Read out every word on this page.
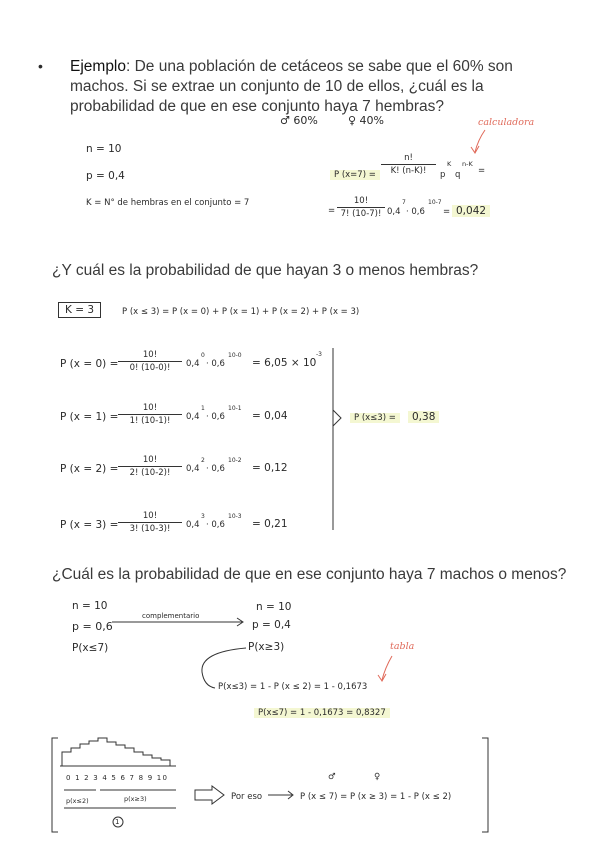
• Ejemplo: De una población de cetáceos se sabe que el 60% son machos. Si se extrae un conjunto de 10 de ellos, ¿cuál es la probabilidad de que en ese conjunto haya 7 hembras?
♂ 60%	♀ 40%	calculadora
n = 10
p = 0,4
K = N° de hembras en el conjunto = 7
P $(x=7) = \frac{n!}{K! (n-K)!}$ p
K
q
n-K
=
= $\frac{10!}{7! (10-7)!} 0,4$
7
· 0,6
10-7
= 0,042
¿Y cuál es la probabilidad de que hayan 3 o menos hembras?
K = 3	P (x ≤ 3) = P (x = 0) + P (x = 1) + P (x = 2) + P (x = 3)
P $(x = 0) = \frac{10!}{0! (10-0)!} 0,4$
0
· 0,6
10-0
= 6,05 × 10
-3
P $(x = 1) = \frac{10!}{1! (10-1)!} 0,4$
1
· 0,6
10-1
= 0,04
P $(x = 2) = \frac{10!}{2! (10-2)!} 0,4$
2
· 0,6
10-2
= 0,12
P $(x = 3) = \frac{10!}{3! (10-3)!} 0,4$
3
· 0,6
10-3
= 0,21
P (x≤3) =	0,38
¿Cuál es la probabilidad de que en ese conjunto haya 7 machos o menos?
n = 10
p = 0,6
P(x≤7)
complementario
n = 10
p = 0,4
P(x≥3)	tabla
P(x≤3) = 1 - P (x ≤ 2) = 1 - 0,1673
P(x≤7) = 1 - 0,1673 = 0,8327
0 1 2 3 4 5 6 7 8 9 10
p(x≤2)	p(x≥3)
1
Por eso
♂	♀
P (x ≤ 7) = P (x ≥ 3) = 1 - P (x ≤ 2)
